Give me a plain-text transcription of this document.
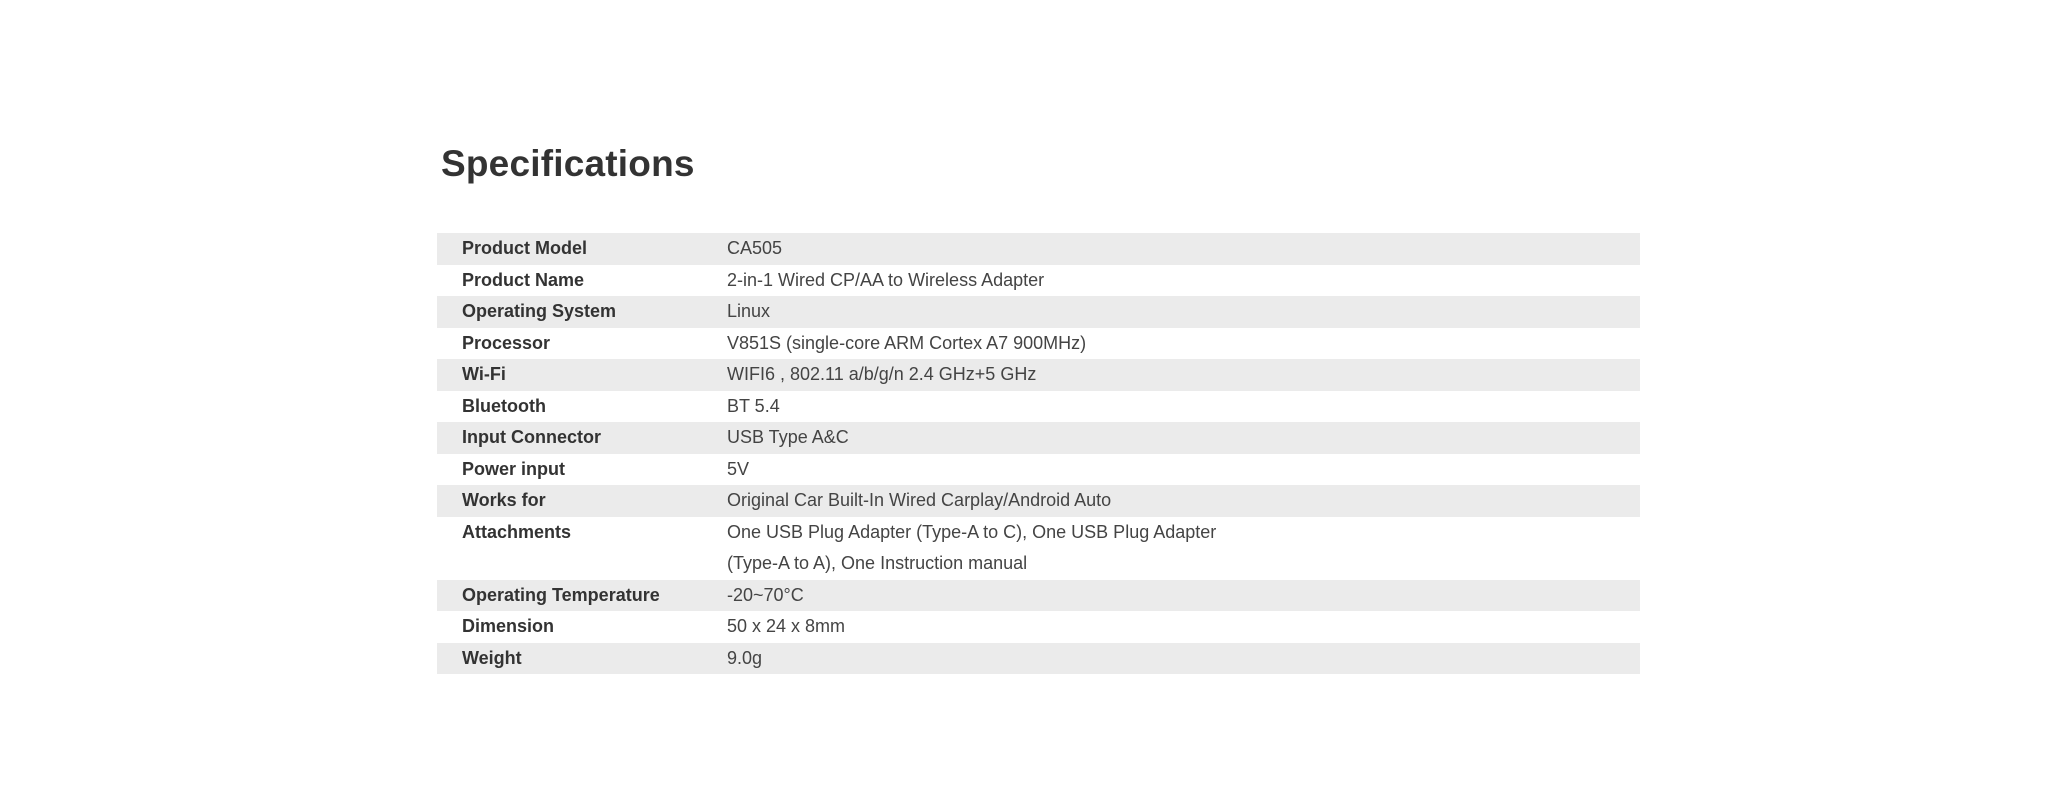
Specifications
Product Model	CA505

Product Name	2-in-1 Wired CP/AA to Wireless Adapter

Operating System	Linux

Processor	V851S (single-core ARM Cortex A7 900MHz)

Wi-Fi	WIFI6 , 802.11 a/b/g/n 2.4 GHz+5 GHz

Bluetooth	BT 5.4

Input Connector	USB Type A&C

Power input	5V

Works for	Original Car Built-In Wired Carplay/Android Auto

Attachments	One USB Plug Adapter (Type-A to C), One USB Plug Adapter
(Type-A to A), One Instruction manual

Operating Temperature	-20~70°C

Dimension	50 x 24 x 8mm

Weight	9.0g
